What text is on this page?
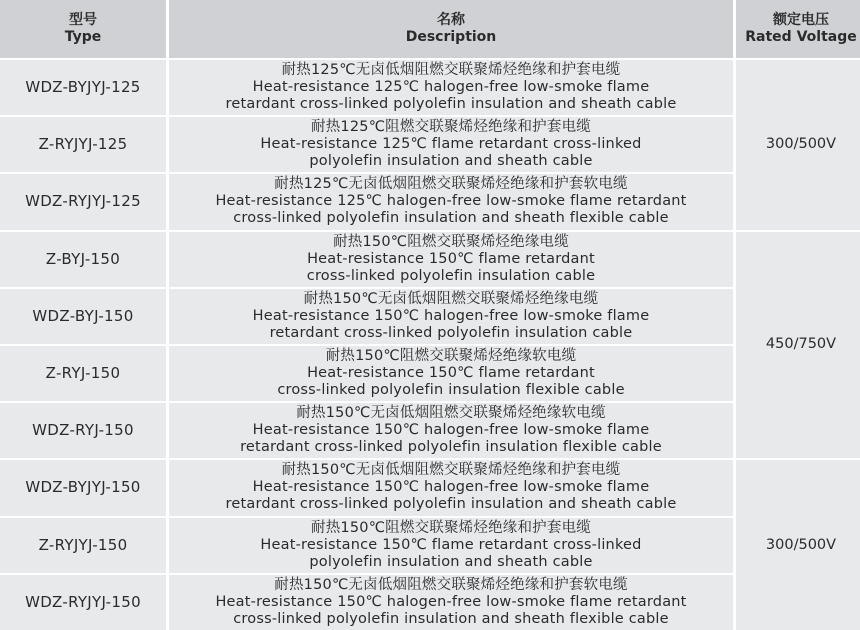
型号
Type
名称
Description
额定电压
Rated Voltage
WDZ-BYJYJ-125
耐热125℃无卤低烟阻燃交联聚烯烃绝缘和护套电缆
Heat-resistance 125℃ halogen-free low-smoke flame
retardant cross-linked polyolefin insulation and sheath cable
Z-RYJYJ-125
耐热125℃阻燃交联聚烯烃绝缘和护套电缆
Heat-resistance 125℃ flame retardant cross-linked
polyolefin insulation and sheath cable
WDZ-RYJYJ-125
耐热125℃无卤低烟阻燃交联聚烯烃绝缘和护套软电缆
Heat-resistance 125℃ halogen-free low-smoke flame retardant
cross-linked polyolefin insulation and sheath flexible cable
Z-BYJ-150
耐热150℃阻燃交联聚烯烃绝缘电缆
Heat-resistance 150℃ flame retardant
cross-linked polyolefin insulation cable
WDZ-BYJ-150
耐热150℃无卤低烟阻燃交联聚烯烃绝缘电缆
Heat-resistance 150℃ halogen-free low-smoke flame
retardant cross-linked polyolefin insulation cable
Z-RYJ-150
耐热150℃阻燃交联聚烯烃绝缘软电缆
Heat-resistance 150℃ flame retardant
cross-linked polyolefin insulation flexible cable
WDZ-RYJ-150
耐热150℃无卤低烟阻燃交联聚烯烃绝缘软电缆
Heat-resistance 150℃ halogen-free low-smoke flame
retardant cross-linked polyolefin insulation flexible cable
WDZ-BYJYJ-150
耐热150℃无卤低烟阻燃交联聚烯烃绝缘和护套电缆
Heat-resistance 150℃ halogen-free low-smoke flame
retardant cross-linked polyolefin insulation and sheath cable
Z-RYJYJ-150
耐热150℃阻燃交联聚烯烃绝缘和护套电缆
Heat-resistance 150℃ flame retardant cross-linked
polyolefin insulation and sheath cable
WDZ-RYJYJ-150
耐热150℃无卤低烟阻燃交联聚烯烃绝缘和护套软电缆
Heat-resistance 150℃ halogen-free low-smoke flame retardant
cross-linked polyolefin insulation and sheath flexible cable
300/500V
450/750V
300/500V
